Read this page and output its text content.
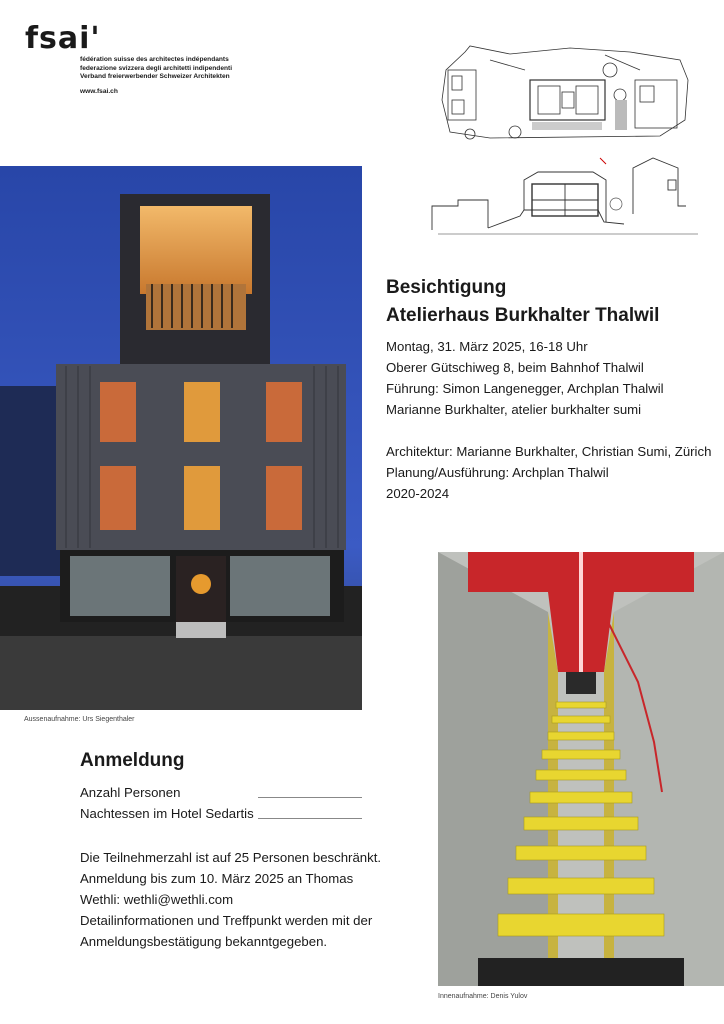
fsai'
fédération suisse des architectes indépendants
federazione svizzera degli architetti indipendenti
Verband freierwerbender Schweizer Architekten
www.fsai.ch
Aussenaufnahme: Urs Siegenthaler
Besichtigung
Atelierhaus Burkhalter Thalwil
Montag, 31. März 2025, 16-18 Uhr
Oberer Gütschiweg 8, beim Bahnhof Thalwil
Führung: Simon Langenegger, Archplan Thalwil
Marianne Burkhalter, atelier burkhalter sumi
Architektur: Marianne Burkhalter, Christian Sumi, Zürich
Planung/Ausführung: Archplan Thalwil
2020-2024
Innenaufnahme: Denis Yulov
Anmeldung
Anzahl Personen
Nachtessen im Hotel Sedartis
Die Teilnehmerzahl ist auf 25 Personen beschränkt.
Anmeldung bis zum 10. März 2025 an Thomas
Wethli: wethli@wethli.com
Detailinformationen und Treffpunkt werden mit der
Anmeldungsbestätigung bekanntgegeben.
